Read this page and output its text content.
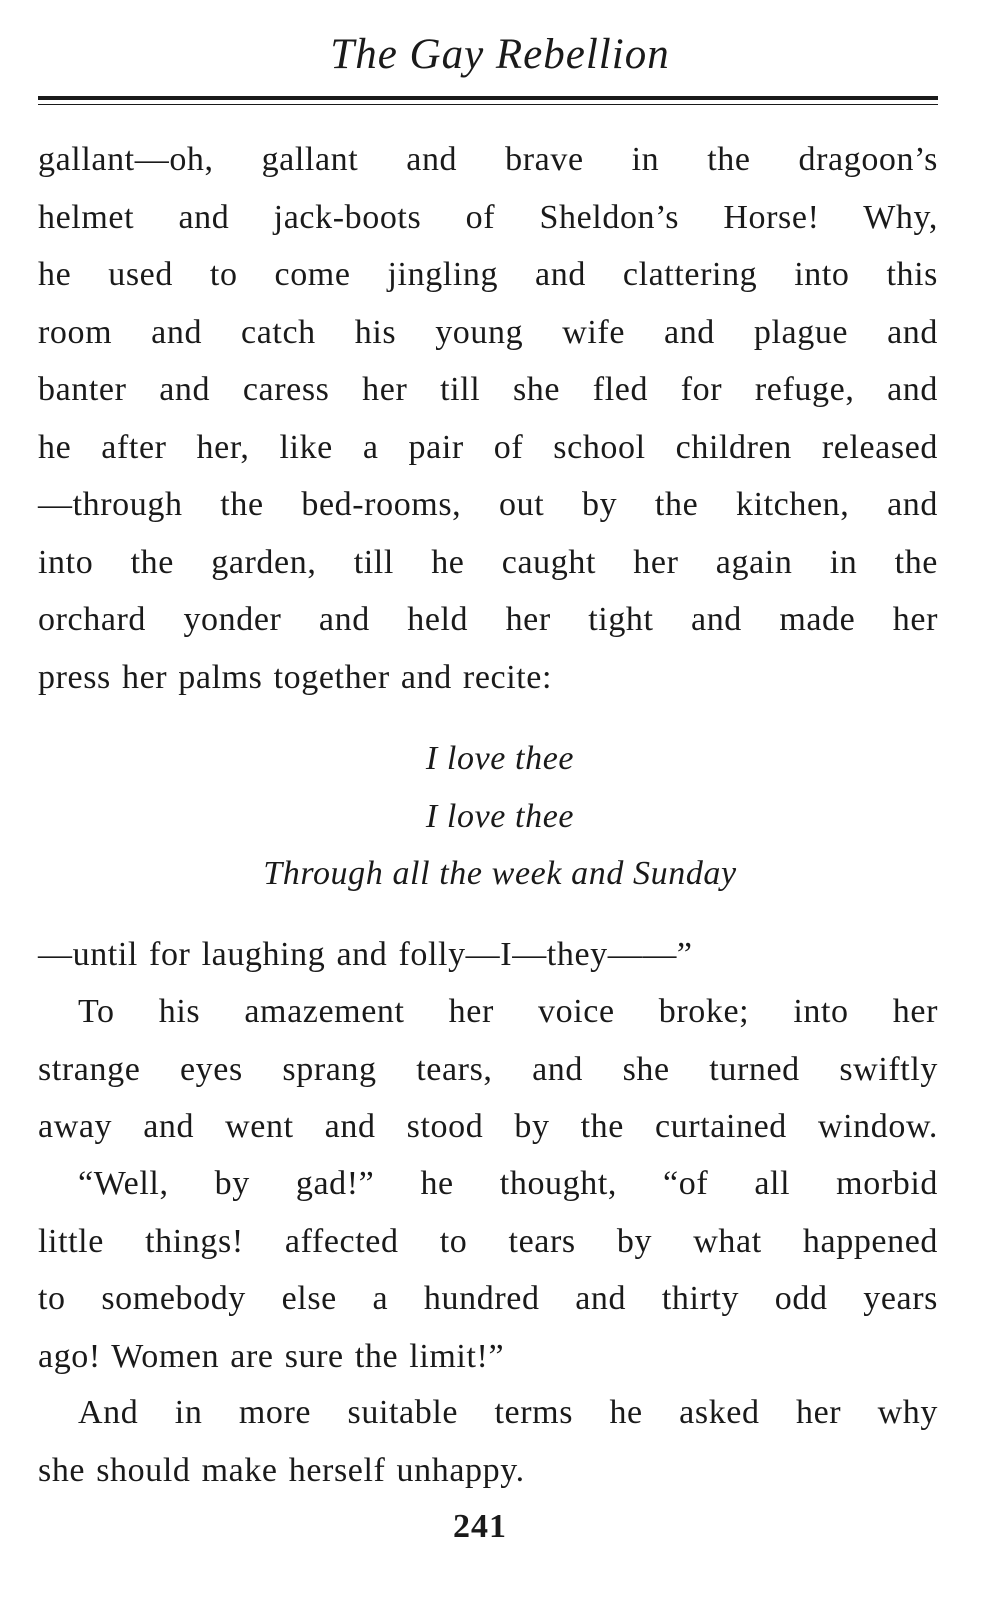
The Gay Rebellion
gallant—oh, gallant and brave in the dragoon’s
helmet and jack-boots of Sheldon’s Horse! Why,
he used to come jingling and clattering into this
room and catch his young wife and plague and
banter and caress her till she fled for refuge, and
he after her, like a pair of school children released
—through the bed-rooms, out by the kitchen, and
into the garden, till he caught her again in the
orchard yonder and held her tight and made her
press her palms together and recite:
I love thee
I love thee
Through all the week and Sunday
—until for laughing and folly—I—they——”
To his amazement her voice broke; into her
strange eyes sprang tears, and she turned swiftly
away and went and stood by the curtained window.
“Well, by gad!” he thought, “of all morbid
little things! affected to tears by what happened
to somebody else a hundred and thirty odd years
ago! Women are sure the limit!”
And in more suitable terms he asked her why
she should make herself unhappy.
241
